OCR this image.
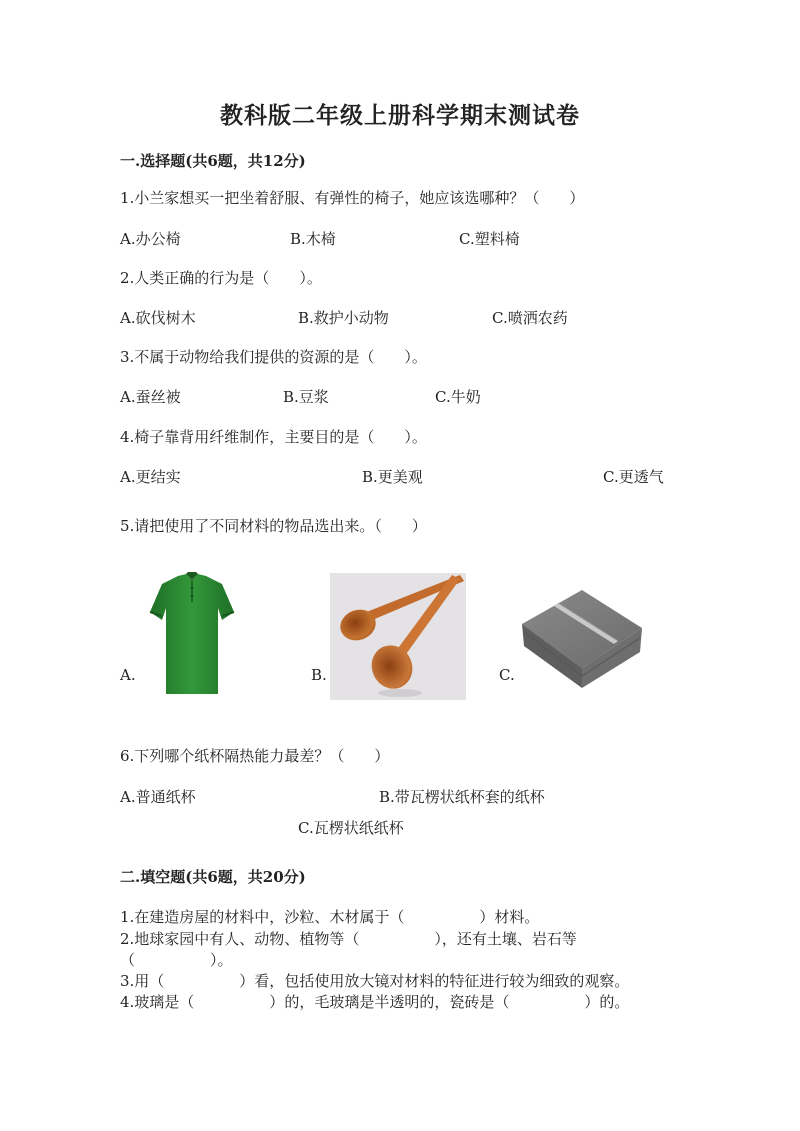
教科版二年级上册科学期末测试卷
一.选择题(共6题，共12分)
1.小兰家想买一把坐着舒服、有弹性的椅子，她应该选哪种？（　　）
A.办公椅	B.木椅	C.塑料椅
2.人类正确的行为是（　　）。
A.砍伐树木	B.救护小动物	C.喷洒农药
3.不属于动物给我们提供的资源的是（　　）。
A.蚕丝被	B.豆浆	C.牛奶
4.椅子靠背用纤维制作，主要目的是（　　）。
A.更结实	B.更美观	C.更透气
5.请把使用了不同材料的物品选出来。（　　）
A.	B.	C.
6.下列哪个纸杯隔热能力最差？（　　）
A.普通纸杯	B.带瓦楞状纸杯套的纸杯
C.瓦楞状纸纸杯
二.填空题(共6题，共20分)
1.在建造房屋的材料中，沙粒、木材属于（　　　　　）材料。
2.地球家园中有人、动物、植物等（　　　　　），还有土壤、岩石等
（　　　　　）。
3.用（　　　　　）看，包括使用放大镜对材料的特征进行较为细致的观察。
4.玻璃是（　　　　　）的，毛玻璃是半透明的，瓷砖是（　　　　　）的。
